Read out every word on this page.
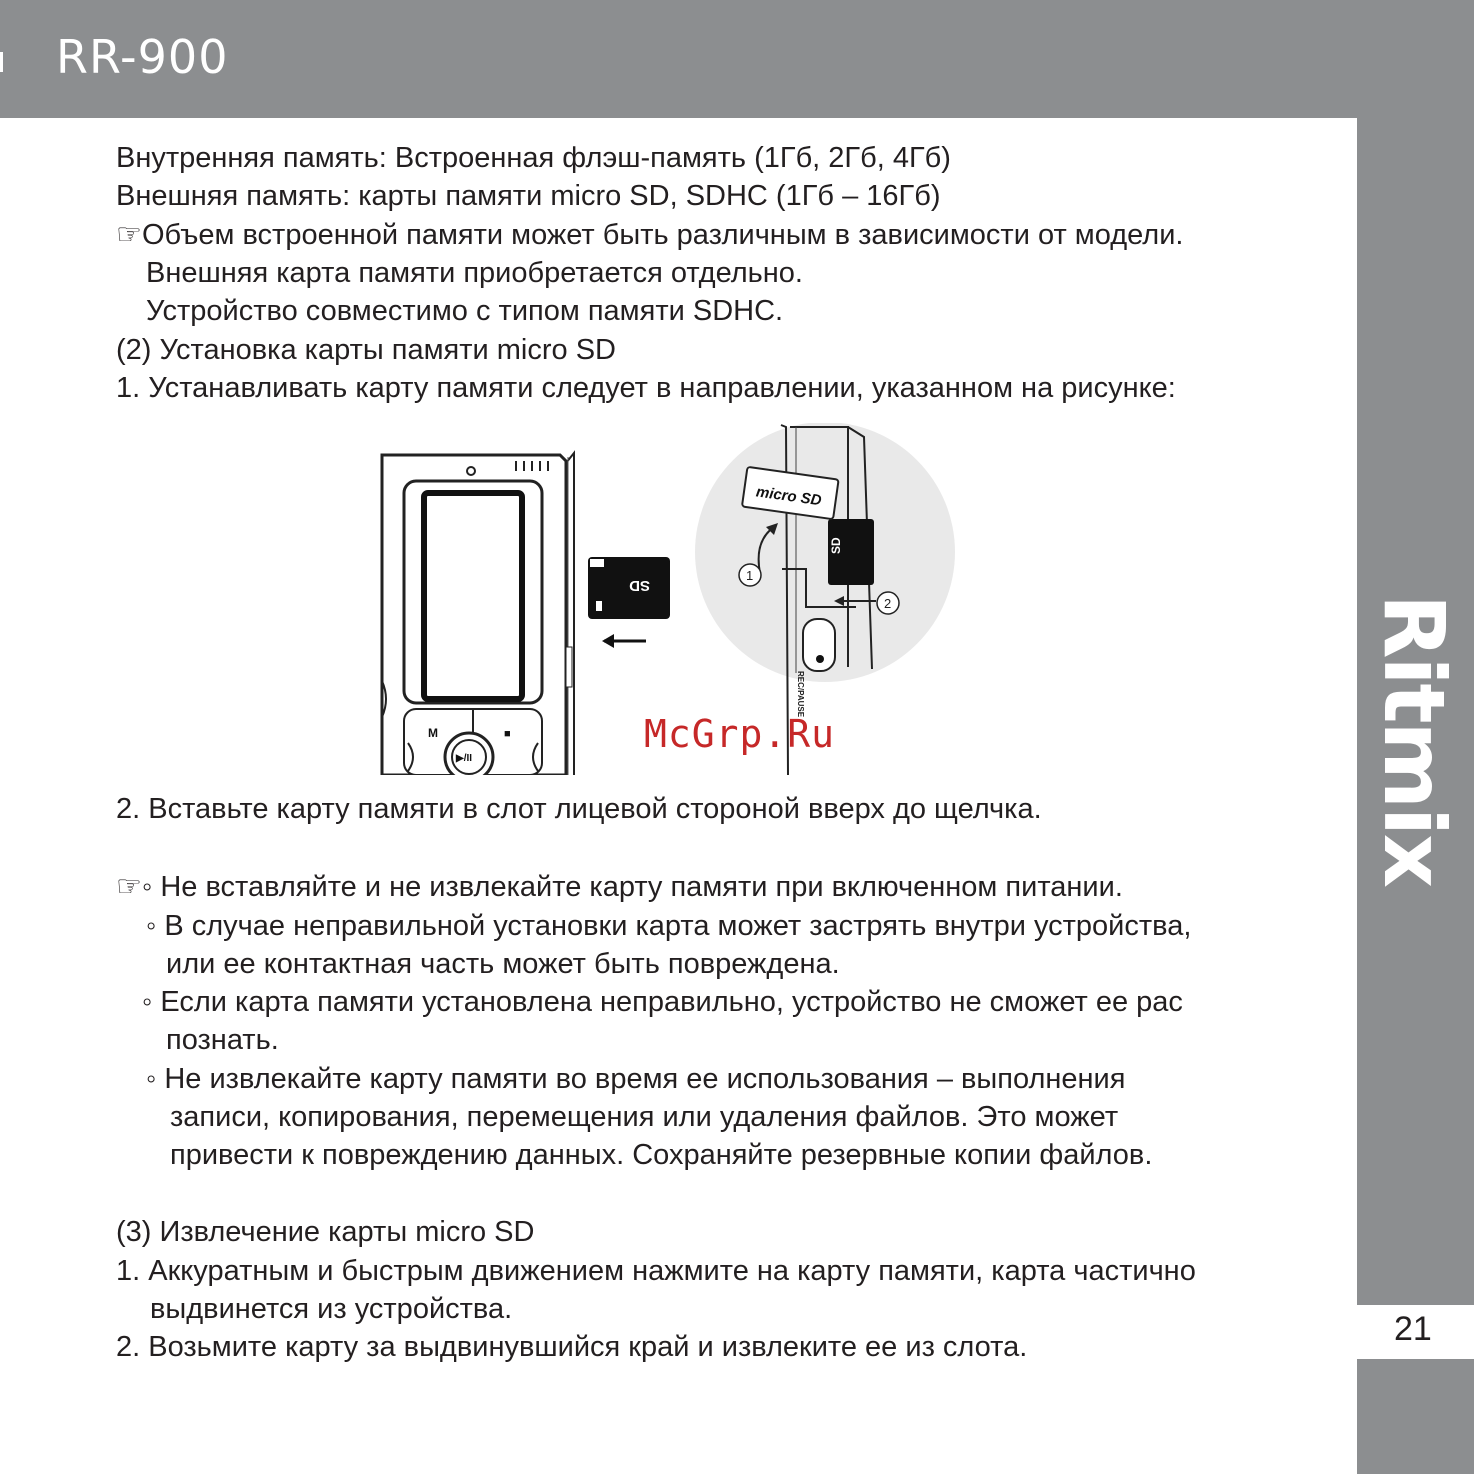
RR-900
Ritmix
21
Внутренняя память: Встроенная флэш-память (1Гб, 2Гб, 4Гб)
Внешняя память: карты памяти micro SD, SDHC (1Гб – 16Гб)
☞Объем встроенной памяти может быть различным в зависимости от модели.
Внешняя карта памяти приобретается отдельно.
Устройство совместимо с типом памяти SDHC.
(2) Установка карты памяти micro SD
1. Устанавливать карту памяти следует в направлении, указанном на рисунке:
M	■
▶/II
SD
REC/PAUSE
SD
micro SD
1
2
McGrp.Ru
2. Вставьте карту памяти в слот лицевой стороной вверх до щелчка.
☞◦ Не вставляйте и не извлекайте карту памяти при включенном питании.
◦ В случае неправильной установки карта может застрять внутри устройства,
или ее контактная часть может быть повреждена.
◦ Если карта памяти установлена неправильно, устройство не сможет ее рас
познать.
◦ Не извлекайте карту памяти во время ее использования – выполнения
записи, копирования, перемещения или удаления файлов. Это может
привести к повреждению данных. Сохраняйте резервные копии файлов.
(3) Извлечение карты micro SD
1. Аккуратным и быстрым движением нажмите на карту памяти, карта частично
выдвинется из устройства.
2. Возьмите карту за выдвинувшийся край и извлеките ее из слота.
